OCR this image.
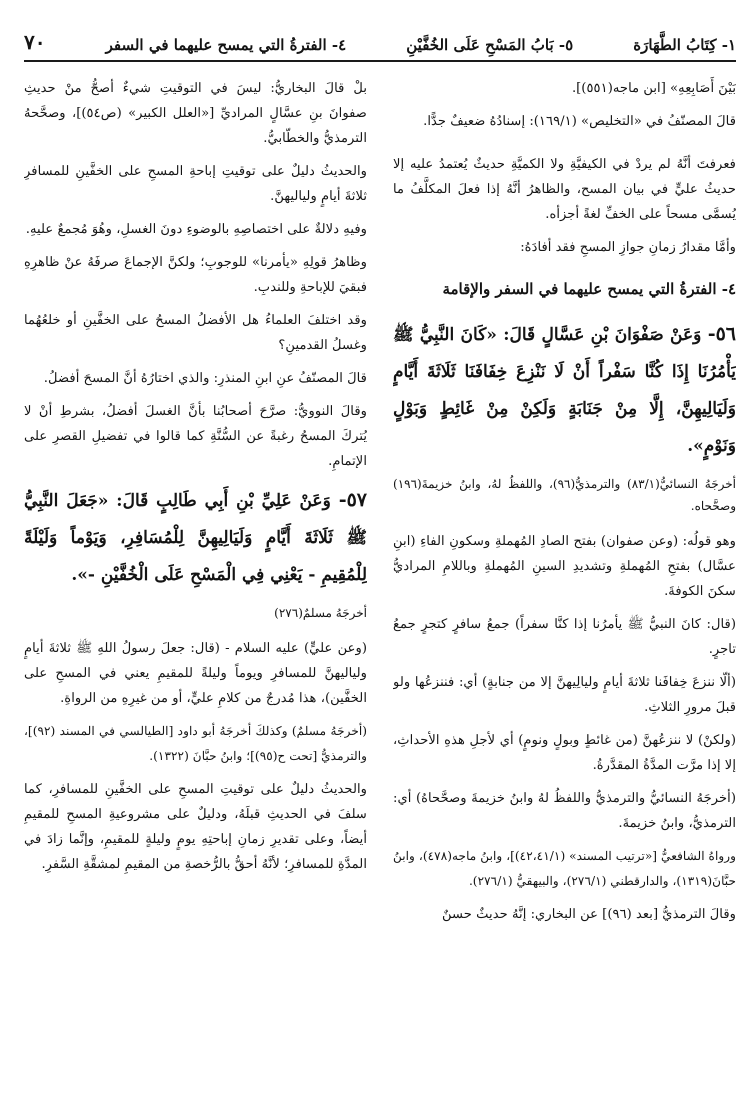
١- كِتَابُ الطَّهَارَة
٥- بَابُ المَسْحِ عَلَى الخُفَّيْنِ
٤- الفترةُ التي يمسح عليهما في السفر
٧٠

بَيْنَ أَصَابِعِهِ» [ابن ماجه(٥٥١)].

قالَ المصنّفُ في «التخليص» (١٦٩/١): إسنادُهُ ضعيفٌ جدًّا.

فعرفتَ أنَّهُ لم يردْ في الكيفيَّةِ ولا الكميَّةِ حديثٌ يُعتمدُ عليه إلا حديثُ عليٍّ في بيان المسح، والظاهرُ أنَّهُ إذا فعلَ المكلَّفُ ما يُسمَّى مسحاً على الخفِّ لغةً أجزأه.

وأمَّا مقدارُ زمانِ جوازِ المسحِ فقد أفادَهُ:

٤- الفترةُ التي يمسح عليهما في السفر والإقامة
٥٦- وَعَنْ صَفْوَانَ بْنِ عَسَّالٍ قَالَ: «كَانَ النَّبِيُّ ﷺ يَأْمُرُنَا إِذَا كُنَّا سَفْراً أَنْ لَا نَنْزِعَ خِفَافَنَا ثَلَاثَةَ أَيَّامٍ وَلَيَالِيهِنَّ، إِلَّا مِنْ جَنَابَةٍ وَلَكِنْ مِنْ غَائِطٍ وَبَوْلٍ وَنَوْمٍ».

أخرجَهُ النسائيُّ(٨٣/١) والترمذيُّ(٩٦)، واللفظُ لهُ، وابنُ خزيمةَ(١٩٦) وصحَّحاه.

وهو قولُه: (وعن صفوان) بفتح الصادِ المُهملةِ وسكونِ الفاءِ (ابنِ عسَّال) بفتحِ المُهملةِ وتشديدِ السينِ المُهملةِ وباللامِ المراديُّ سكنَ الكوفةَ.

(قال: كانَ النبيُّ ﷺ يأمرُنا إذا كنَّا سفراً) جمعُ سافرٍ كتجرٍ جمعُ تاجرٍ.

(ألّا ننزعَ خِفافَنا ثلاثةَ أيامٍ وليالِيهنَّ إلا من جنابةٍ) أي: فننزعُها ولو قبلَ مرورِ الثلاثِ.

(ولكنْ) لا ننزعُهنَّ (من غائطٍ وبولٍ ونومٍ) أي لأجلِ هذهِ الأحداثِ، إلا إذا مرَّت المدَّةُ المقدَّرةُ.

(أخرجَهُ النسائيُّ والترمذيُّ واللفظُ لهُ وابنُ خزيمةَ وصحَّحاهُ) أي: الترمذيُّ، وابنُ خزيمةَ.

ورواهُ الشافعيُّ [«ترتيب المسند» (٤٢،٤١/١)]، وابنُ ماجه(٤٧٨)، وابنُ حبَّانَ(١٣١٩)، والدارقطني (٢٧٦/١)، والبيهقيُّ (٢٧٦/١).

وقالَ الترمذيُّ [بعد (٩٦)] عن البخاري: إنَّهُ حديثٌ حسنٌ

بلْ قالَ البخاريُّ: ليسَ في التوقيتِ شيءٌ أصحُّ منْ حديثِ صفوانَ بنِ عسَّالٍ المراديِّ [«العلل الكبير» (ص٥٤)]، وصحَّحهُ الترمذيُّ والخطّابيُّ.

والحديثُ دليلٌ على توقيتِ إباحةِ المسحِ على الخفَّينِ للمسافرِ ثلاثةَ أيامٍ ولياليهنَّ.

وفيهِ دلالةٌ على اختصاصِهِ بالوضوءِ دونَ الغسلِ، وهُوَ مُجمعٌ عليهِ.

وظاهرُ قولِهِ «يأمرنا» للوجوبِ؛ ولكنَّ الإجماعَ صرفَهُ عنْ ظاهرِهِ فبقيَ للإباحةِ وللندبِ.

وقد اختلفَ العلماءُ هل الأفضلُ المسحُ على الخفَّينِ أو خلعُهُما وغسلُ القدمينِ؟

قالَ المصنّفُ عنِ ابنِ المنذرِ: والذي اختارُهُ أنَّ المسحَ أفضلُ.

وقالَ النوويُّ: صرَّحَ أصحابُنا بأنَّ الغسلَ أفضلُ، بشرطِ أنْ لا يُتركَ المسحُ رغبةً عن السُّنَّةِ كما قالوا في تفضيلِ القصرِ على الإتمامِ.

٥٧- وَعَنْ عَلِيِّ بْنِ أَبِي طَالِبٍ قَالَ: «جَعَلَ النَّبِيُّ ﷺ ثَلَاثَةَ أَيَّامٍ وَلَيَالِيهِنَّ لِلْمُسَافِرِ، وَيَوْماً وَلَيْلَةً لِلْمُقِيمِ - يَعْنِي فِي الْمَسْحِ عَلَى الْخُفَّيْنِ -».

أخرجَهُ مسلمٌ(٢٧٦)

(وعن عليٍّ) عليه السلام - (قال: جعلَ رسولُ اللهِ ﷺ ثلاثةَ أيامٍ ولياليهنَّ للمسافرِ ويوماً وليلةً للمقيمِ يعني في المسحِ على الخفَّين)، هذا مُدرجٌ من كلامِ عليٍّ، أو من غيرِهِ من الرواةِ.

(أخرجَهُ مسلمٌ) وكذلكَ أخرجَهُ أبو داود [الطيالسي في المسند (٩٢)]، والترمذيُّ [تحت ح(٩٥)]؛ وابنُ حبَّانَ (١٣٢٢).

والحديثُ دليلٌ على توقيتِ المسحِ على الخفَّينِ للمسافرِ، كما سلفَ في الحديثِ قبلَهُ، ودليلٌ على مشروعيةِ المسحِ للمقيمِ أيضاً، وعلى تقديرِ زمانِ إباحتِهِ يومٍ وليلةٍ للمقيمِ، وإنَّما زادَ في المدَّةِ للمسافرِ؛ لأنَّهُ أحقُّ بالرُّخصةِ من المقيمِ لمشقَّةِ السَّفرِ.
